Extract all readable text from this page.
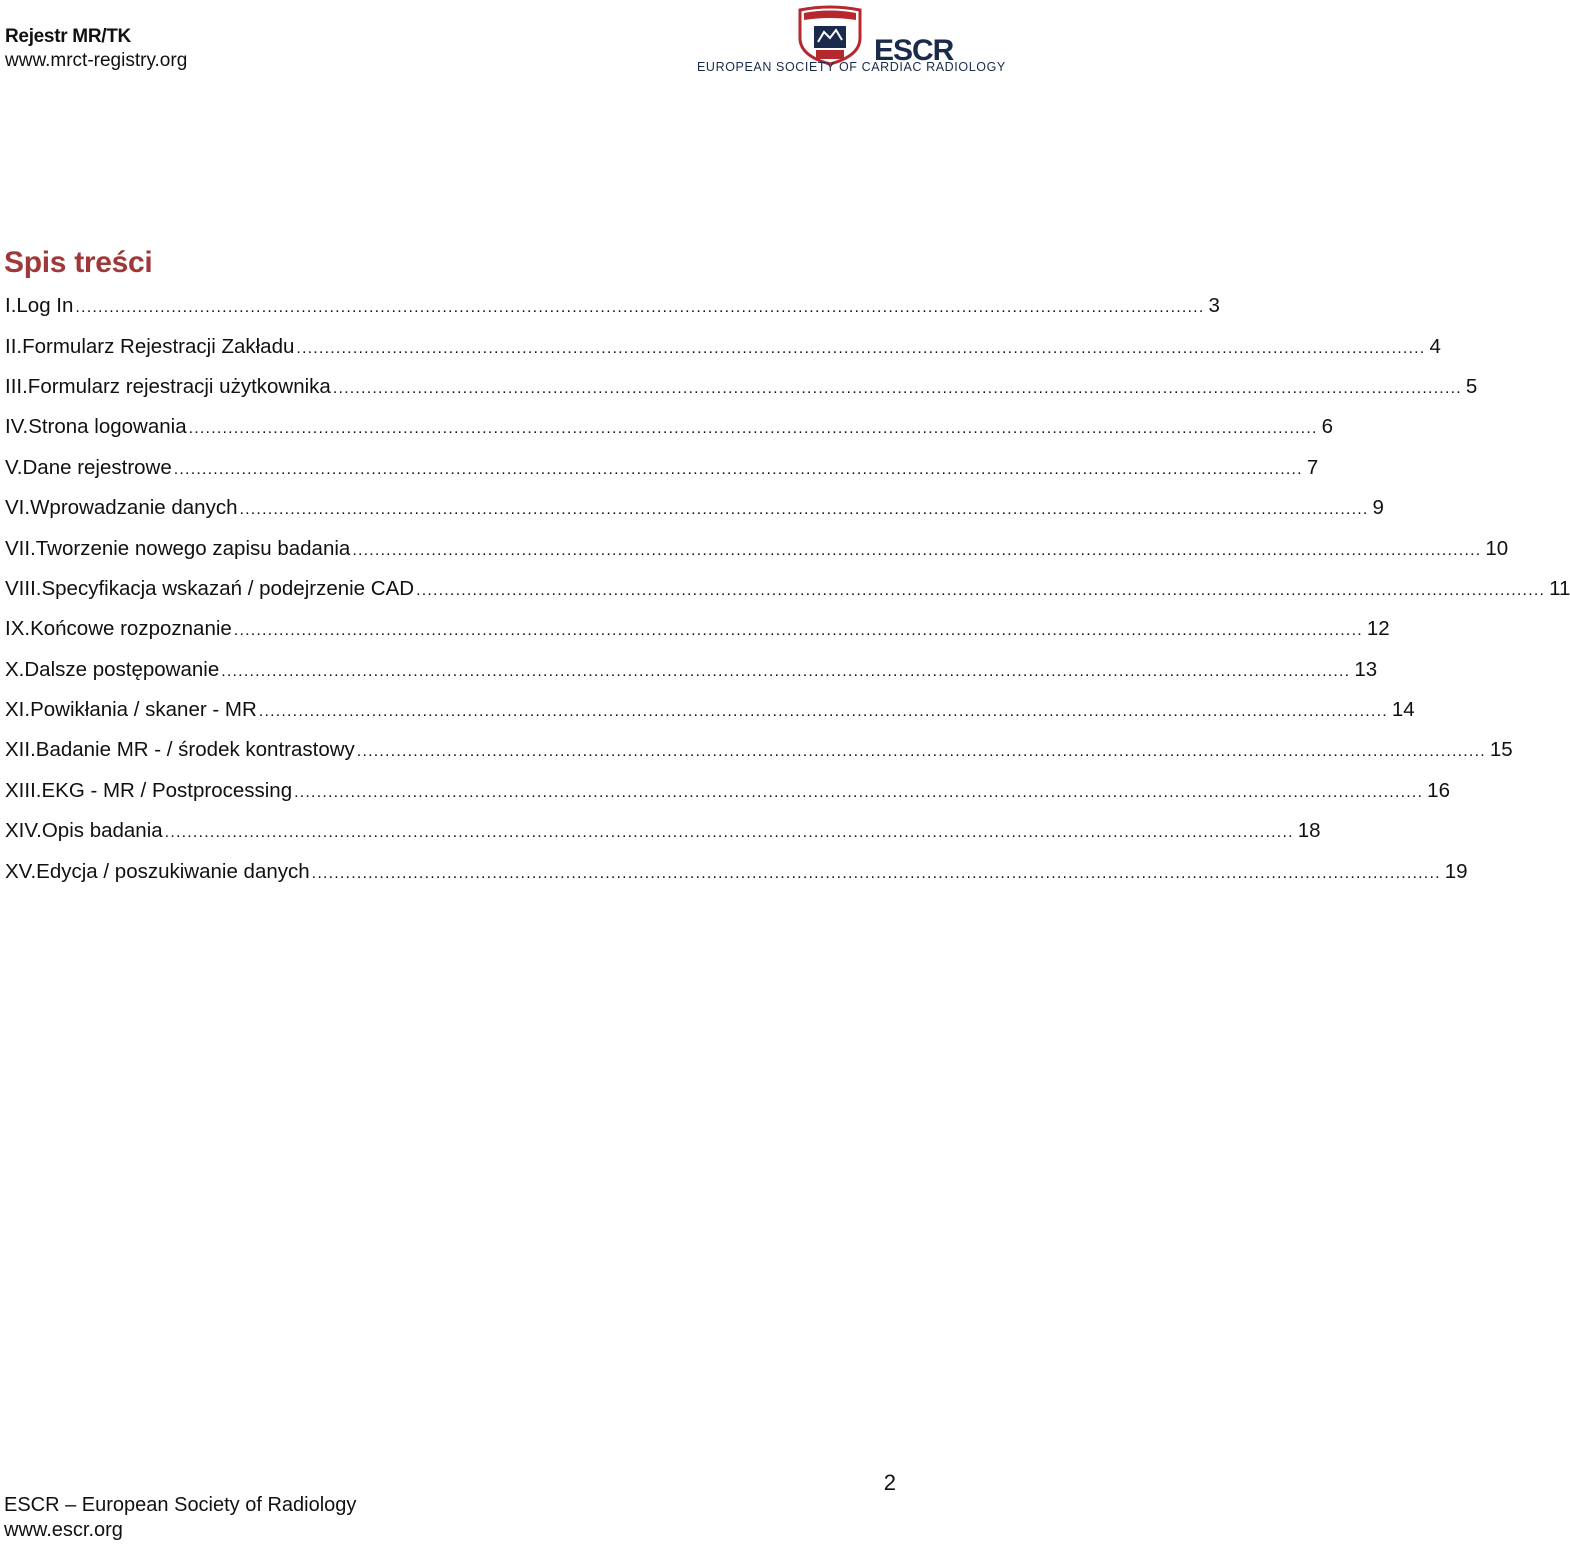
Rejestr MR/TK
www.mrct-registry.org	ESCR
EUROPEAN SOCIETY OF CARDIAC RADIOLOGY
Spis treści
I. Log In ........................................................................................................................................................................................................ 3
II. Formularz Rejestracji Zakładu ........................................................................................................................................................................................................ 4
III. Formularz rejestracji użytkownika ........................................................................................................................................................................................................ 5
IV. Strona logowania ........................................................................................................................................................................................................ 6
V. Dane rejestrowe ........................................................................................................................................................................................................ 7
VI. Wprowadzanie danych ........................................................................................................................................................................................................ 9
VII. Tworzenie nowego zapisu badania ........................................................................................................................................................................................................ 10
VIII. Specyfikacja wskazań / podejrzenie CAD ........................................................................................................................................................................................................ 11
IX. Końcowe rozpoznanie ........................................................................................................................................................................................................ 12
X. Dalsze postępowanie ........................................................................................................................................................................................................ 13
XI. Powikłania / skaner - MR ........................................................................................................................................................................................................ 14
XII. Badanie MR - / środek kontrastowy ........................................................................................................................................................................................................ 15
XIII. EKG - MR / Postprocessing ........................................................................................................................................................................................................ 16
XIV. Opis badania ........................................................................................................................................................................................................ 18
XV. Edycja / poszukiwanie danych ........................................................................................................................................................................................................ 19
2
ESCR – European Society of Radiology
www.escr.org
